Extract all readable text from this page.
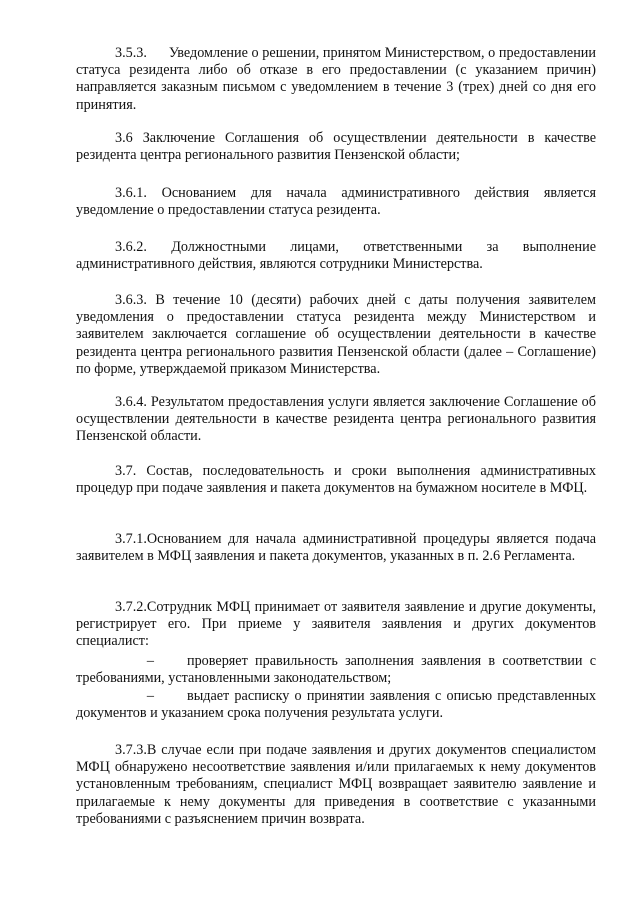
3.5.3.      Уведомление о решении, принятом Министерством, о предоставлении статуса резидента либо об отказе в его предоставлении (с указанием причин) направляется заказным письмом с уведомлением в течение 3 (трех) дней со дня его принятия.
3.6 Заключение Соглашения об осуществлении деятельности в качестве резидента центра регионального развития Пензенской области;
3.6.1. Основанием для начала административного действия является уведомление о предоставлении статуса резидента.
3.6.2. Должностными лицами, ответственными за выполнение административного действия, являются сотрудники Министерства.
3.6.3. В течение 10 (десяти) рабочих дней с даты получения заявителем уведомления о предоставлении статуса резидента между Министерством и заявителем заключается соглашение об осуществлении деятельности в качестве резидента центра регионального развития Пензенской области (далее – Соглашение) по форме, утверждаемой приказом Министерства.
3.6.4. Результатом предоставления услуги является заключение Соглашение об осуществлении деятельности в качестве резидента центра регионального развития Пензенской области.
3.7. Состав, последовательность и сроки выполнения административных процедур при подаче заявления и пакета документов на бумажном носителе в МФЦ.
3.7.1.Основанием для начала административной процедуры является подача заявителем в МФЦ заявления и пакета документов, указанных в п. 2.6 Регламента.
3.7.2.Сотрудник МФЦ принимает от заявителя заявление и другие документы, регистрирует его. При приеме у заявителя заявления и других документов специалист:
– проверяет правильность заполнения заявления в соответствии с требованиями, установленными законодательством;
– выдает расписку о принятии заявления с описью представленных документов и указанием срока получения результата услуги.
3.7.3.В случае если при подаче заявления и других документов специалистом МФЦ обнаружено несоответствие заявления и/или прилагаемых к нему документов установленным требованиям, специалист МФЦ возвращает заявителю заявление и прилагаемые к нему документы для приведения в соответствие с указанными требованиями с разъяснением причин возврата.
